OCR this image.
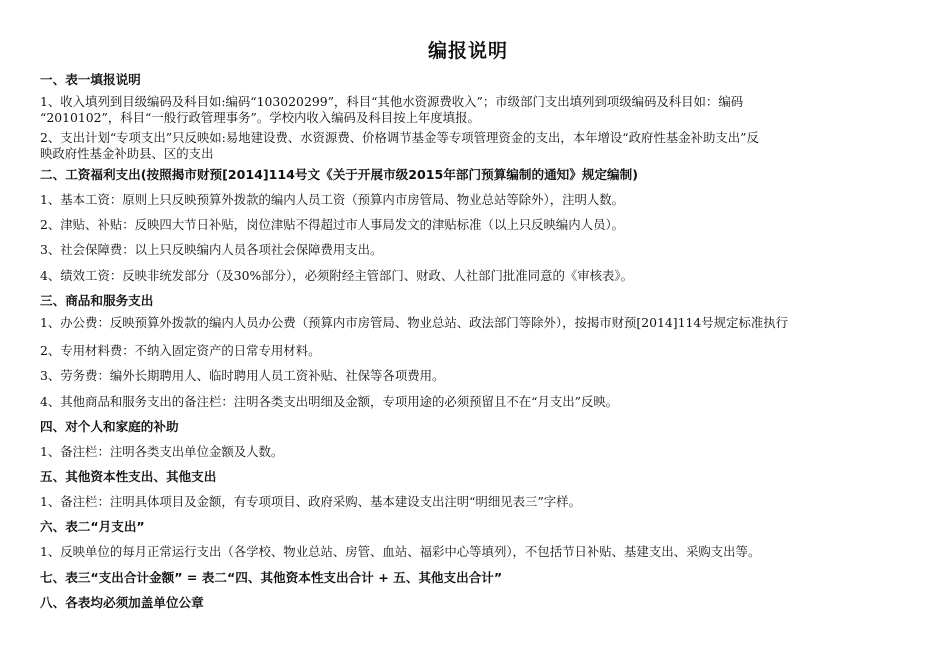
编报说明
一、表一填报说明
1、收入填列到目级编码及科目如:编码“103020299”，科目“其他水资源费收入”；市级部门支出填列到项级编码及科目如：编码
“2010102”，科目“一般行政管理事务”。学校内收入编码及科目按上年度填报。
2、支出计划“专项支出”只反映如:易地建设费、水资源费、价格调节基金等专项管理资金的支出，本年增设“政府性基金补助支出”反
映政府性基金补助县、区的支出
二、工资福利支出(按照揭市财预[2014]114号文《关于开展市级2015年部门预算编制的通知》规定编制)
1、基本工资：原则上只反映预算外拨款的编内人员工资（预算内市房管局、物业总站等除外），注明人数。
2、津贴、补贴：反映四大节日补贴，岗位津贴不得超过市人事局发文的津贴标准（以上只反映编内人员）。
3、社会保障费：以上只反映编内人员各项社会保障费用支出。
4、绩效工资：反映非统发部分（及30%部分），必须附经主管部门、财政、人社部门批准同意的《审核表》。
三、商品和服务支出
1、办公费：反映预算外拨款的编内人员办公费（预算内市房管局、物业总站、政法部门等除外），按揭市财预[2014]114号规定标准执行
2、专用材料费：不纳入固定资产的日常专用材料。
3、劳务费：编外长期聘用人、临时聘用人员工资补贴、社保等各项费用。
4、其他商品和服务支出的备注栏：注明各类支出明细及金额，专项用途的必须预留且不在“月支出”反映。
四、对个人和家庭的补助
1、备注栏：注明各类支出单位金额及人数。
五、其他资本性支出、其他支出
1、备注栏：注明具体项目及金额，有专项项目、政府采购、基本建设支出注明“明细见表三”字样。
六、表二“月支出”
1、反映单位的每月正常运行支出（各学校、物业总站、房管、血站、福彩中心等填列），不包括节日补贴、基建支出、采购支出等。
七、表三“支出合计金额” = 表二“四、其他资本性支出合计 + 五、其他支出合计”
八、各表均必须加盖单位公章
